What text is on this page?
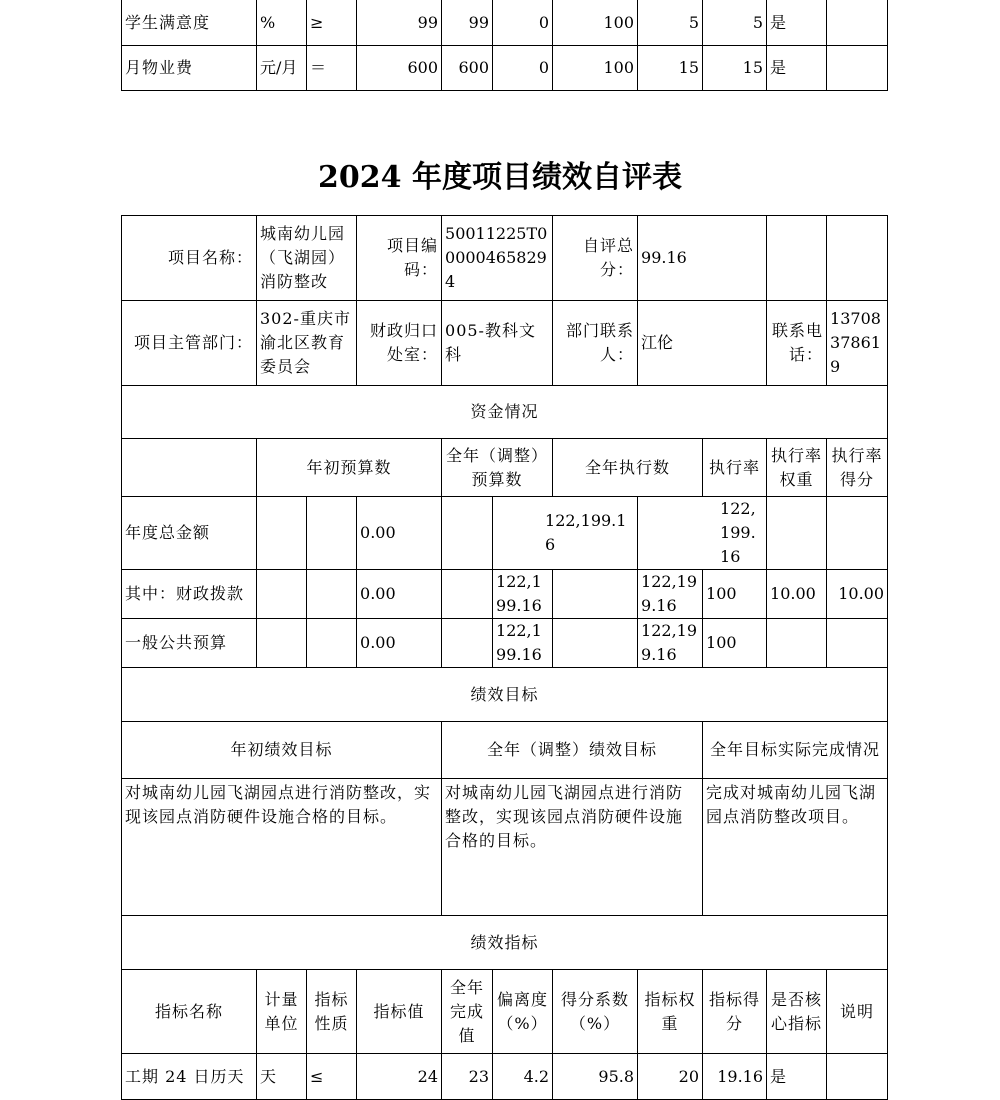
学生满意度	%	≥	99	99	0	100	5	5	是	
月物业费	元/月	＝	600	600	0	100	15	15	是	
2024 年度项目绩效自评表
项目名称：	城南幼儿园（飞湖园）消防整改		项目编码：	50011225T000004658294		自评总分：	99.16			
项目主管部门：	302-重庆市渝北区教育委员会		财政归口处室：	005-教科文科		部门联系人：	江伦		联系电话：	13708378619
资金情况										
	年初预算数			全年（调整）预算数		全年执行数		执行率	执行率权重	执行率得分
年度总金额			0.00		122,199.16		122,199.16			
其中：财政拨款			0.00		122,199.16		122,199.16	100	10.00	10.00
一般公共预算			0.00		122,199.16		122,199.16	100		
绩效目标										
年初绩效目标				全年（调整）绩效目标				全年目标实际完成情况		
对城南幼儿园飞湖园点进行消防整改，实现该园点消防硬件设施合格的目标。				对城南幼儿园飞湖园点进行消防整改，实现该园点消防硬件设施合格的目标。				完成对城南幼儿园飞湖园点消防整改项目。		
绩效指标										
指标名称	计量单位	指标性质	指标值	全年完成值	偏离度（%）	得分系数（%）	指标权重	指标得分	是否核心指标	说明
工期 24 日历天	天	≤	24	23	4.2	95.8	20	19.16	是	
